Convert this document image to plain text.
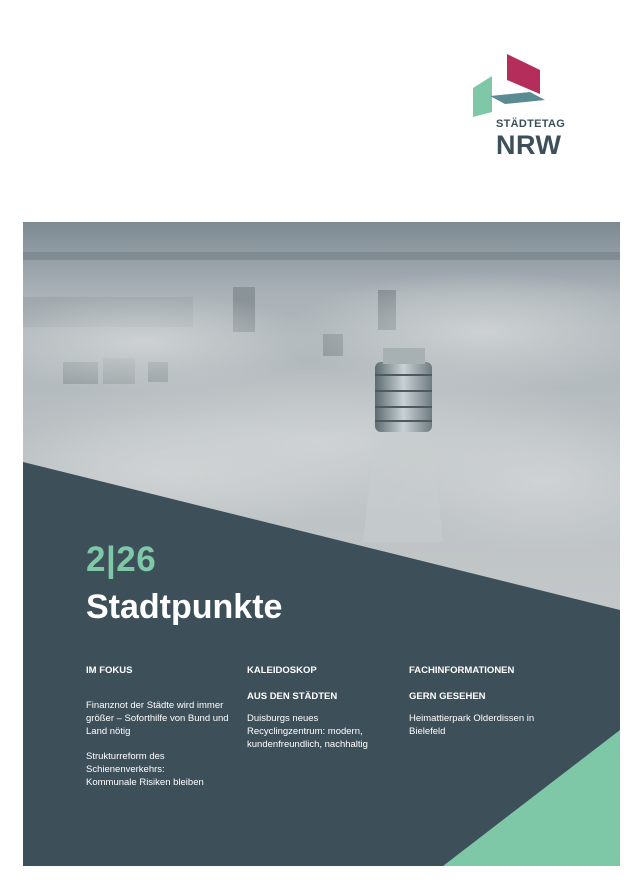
STÄDTETAG
NRW
2|26
Stadtpunkte

IM FOKUS

Finanznot der Städte wird immer größer – Soforthilfe von Bund und Land nötig

Strukturreform des Schienenverkehrs: Kommunale Risiken bleiben

KALEIDOSKOP

AUS DEN STÄDTEN

Duisburgs neues Recyclingzentrum: modern, kundenfreundlich, nachhaltig

FACHINFORMATIONEN

GERN GESEHEN

Heimattierpark Olderdissen in Bielefeld
